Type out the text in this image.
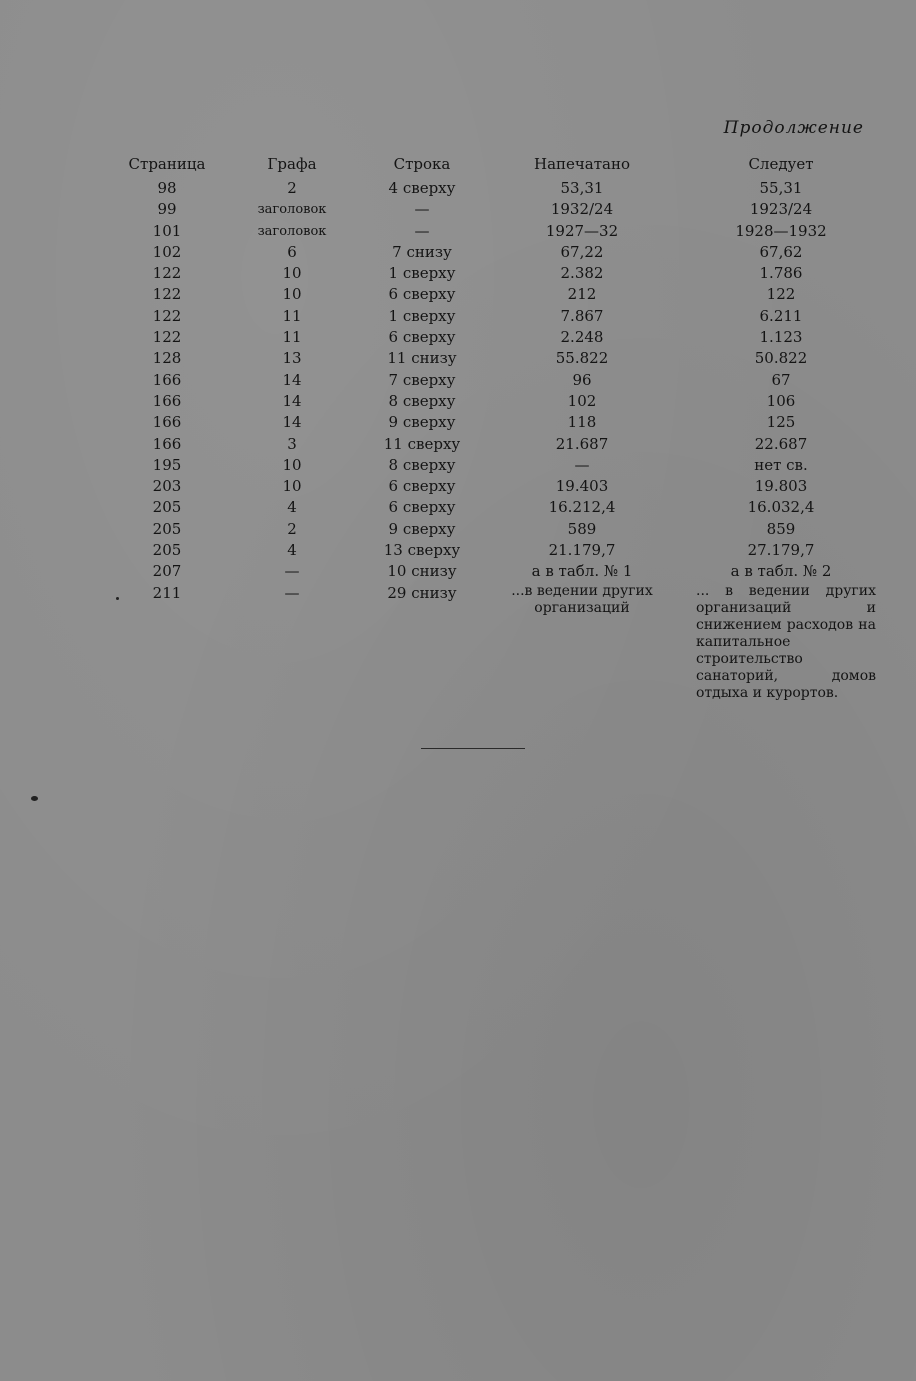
Продолжение
Страница	Графа	Строка	Напечатано	Следует
98	2	4 сверху	53,31	55,31
99	заголовок	—	1932/24	1923/24
101	заголовок	—	1927—32	1928—1932
102	6	7 снизу	67,22	67,62
122	10	1 сверху	2.382	1.786
122	10	6 сверху	212	122
122	11	1 сверху	7.867	6.211
122	11	6 сверху	2.248	1.123
128	13	11 снизу	55.822	50.822
166	14	7 сверху	96	67
166	14	8 сверху	102	106
166	14	9 сверху	118	125
166	3	11 сверху	21.687	22.687
195	10	8 сверху	—	нет св.
203	10	6 сверху	19.403	19.803
205	4	6 сверху	16.212,4	16.032,4
205	2	9 сверху	589	859
205	4	13 сверху	21.179,7	27.179,7
207	—	10 снизу	а в табл. № 1	а в табл. № 2
211	—	29 снизу	...в ведении других организаций	... в ведении других организаций и снижением расходов на капитальное строительство санаторий, домов отдыха и курортов.
